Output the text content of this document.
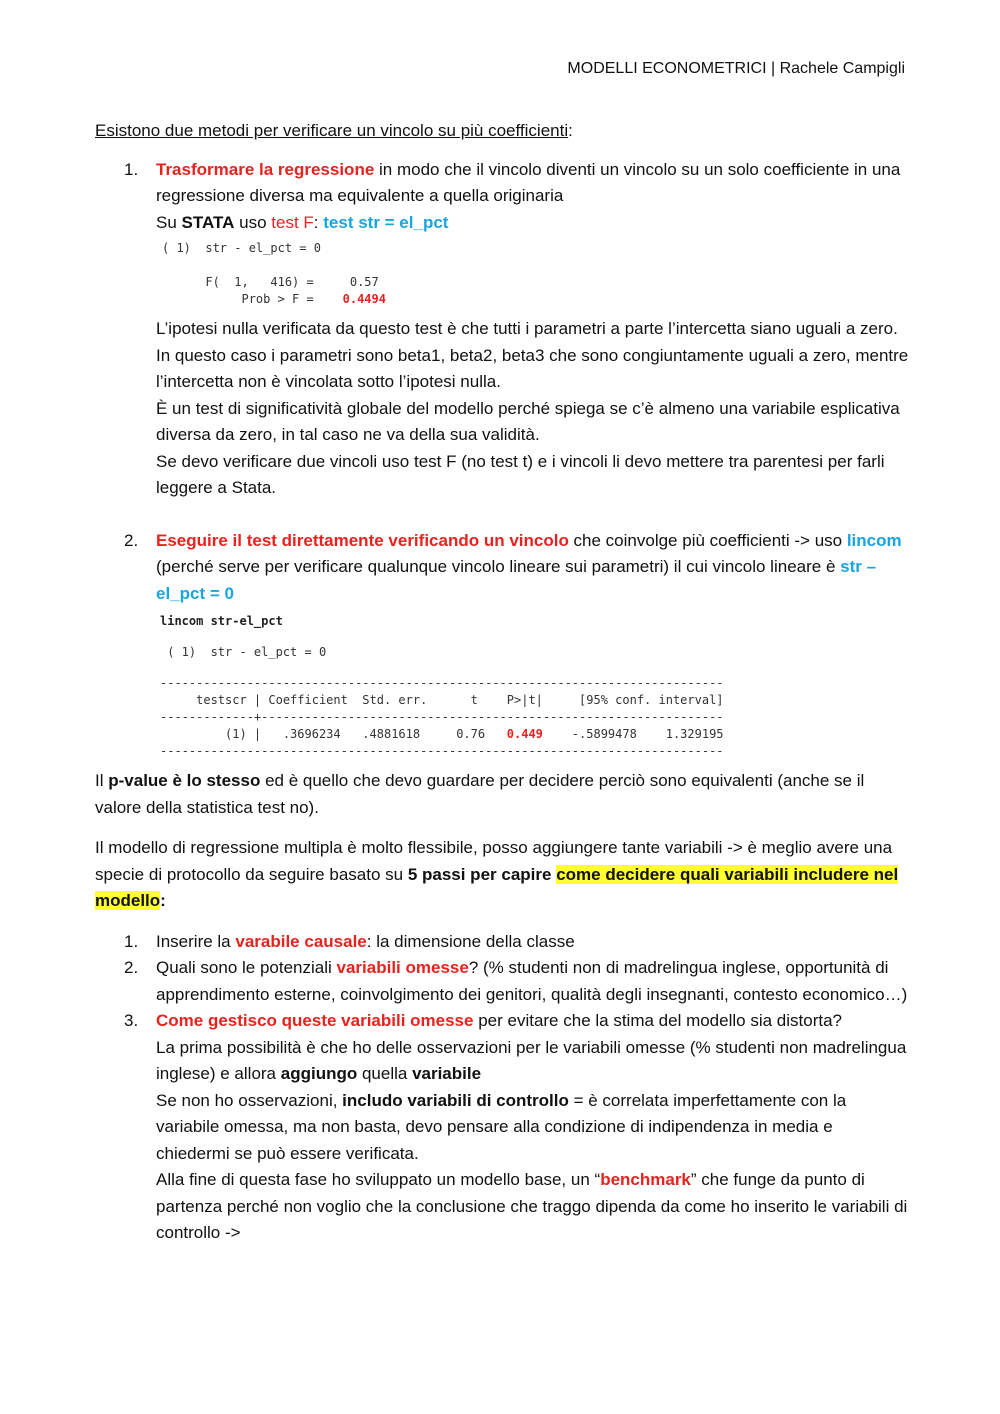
MODELLI ECONOMETRICI | Rachele Campigli

Esistono due metodi per verificare un vincolo su più coefficienti:

1. Trasformare la regressione in modo che il vincolo diventi un vincolo su un solo coefficiente in una regressione diversa ma equivalente a quella originaria

Su STATA uso test F: test str = el_pct

( 1)  str - el_pct = 0
F(  1,   416) =     0.57
Prob > F =    0.4494

L’ipotesi nulla verificata da questo test è che tutti i parametri a parte l’intercetta siano uguali a zero. In questo caso i parametri sono beta1, beta2, beta3 che sono congiuntamente uguali a zero, mentre l’intercetta non è vincolata sotto l’ipotesi nulla.

È un test di significatività globale del modello perché spiega se c’è almeno una variabile esplicativa diversa da zero, in tal caso ne va della sua validità.

Se devo verificare due vincoli uso test F (no test t) e i vincoli li devo mettere tra parentesi per farli leggere a Stata.

2. Eseguire il test direttamente verificando un vincolo che coinvolge più coefficienti -> uso lincom (perché serve per verificare qualunque vincolo lineare sui parametri) il cui vincolo lineare è str – el_pct = 0

lincom str-el_pct
( 1)  str - el_pct = 0
------------------------------------------------------------------------------
testscr | Coefficient  Std. err.      t    P>|t|     [95% conf. interval]
-------------+----------------------------------------------------------------
(1) |   .3696234   .4881618     0.76   0.449    -.5899478    1.329195
------------------------------------------------------------------------------

Il p-value è lo stesso ed è quello che devo guardare per decidere perciò sono equivalenti (anche se il valore della statistica test no).

Il modello di regressione multipla è molto flessibile, posso aggiungere tante variabili -> è meglio avere una specie di protocollo da seguire basato su 5 passi per capire come decidere quali variabili includere nel modello:

1. Inserire la varabile causale: la dimensione della classe

2. Quali sono le potenziali variabili omesse? (% studenti non di madrelingua inglese, opportunità di apprendimento esterne, coinvolgimento dei genitori, qualità degli insegnanti, contesto economico…)

3. Come gestisco queste variabili omesse per evitare che la stima del modello sia distorta?

La prima possibilità è che ho delle osservazioni per le variabili omesse (% studenti non madrelingua inglese) e allora aggiungo quella variabile

Se non ho osservazioni, includo variabili di controllo = è correlata imperfettamente con la variabile omessa, ma non basta, devo pensare alla condizione di indipendenza in media e chiedermi se può essere verificata.

Alla fine di questa fase ho sviluppato un modello base, un “benchmark” che funge da punto di partenza perché non voglio che la conclusione che traggo dipenda da come ho inserito le variabili di controllo ->
